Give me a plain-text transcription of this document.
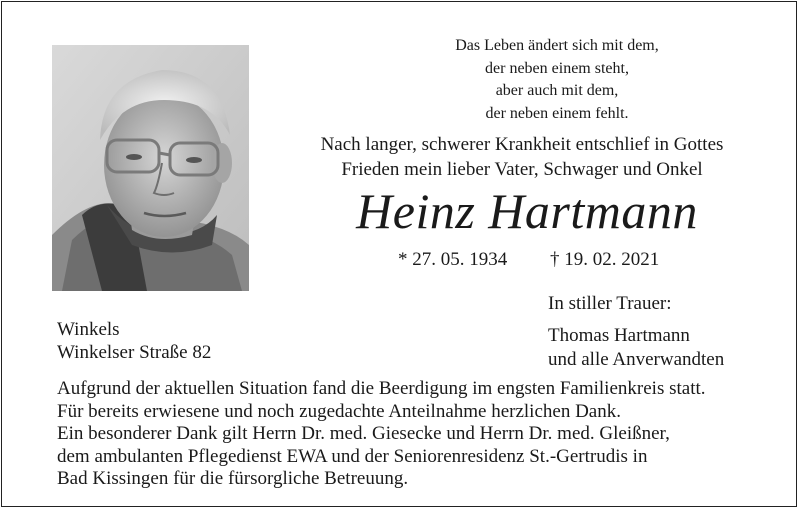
Das Leben ändert sich mit dem,
der neben einem steht,
aber auch mit dem,
der neben einem fehlt.
Nach langer, schwerer Krankheit entschlief in Gottes
Frieden mein lieber Vater, Schwager und Onkel
Heinz Hartmann
* 27. 05. 1934 † 19. 02. 2021
In stiller Trauer:
Thomas Hartmann
und alle Anverwandten
Winkels
Winkelser Straße 82
Aufgrund der aktuellen Situation fand die Beerdigung im engsten Familienkreis statt.
Für bereits erwiesene und noch zugedachte Anteilnahme herzlichen Dank.
Ein besonderer Dank gilt Herrn Dr. med. Giesecke und Herrn Dr. med. Gleißner,
dem ambulanten Pflegedienst EWA und der Seniorenresidenz St.-Gertrudis in
Bad Kissingen für die fürsorgliche Betreuung.
